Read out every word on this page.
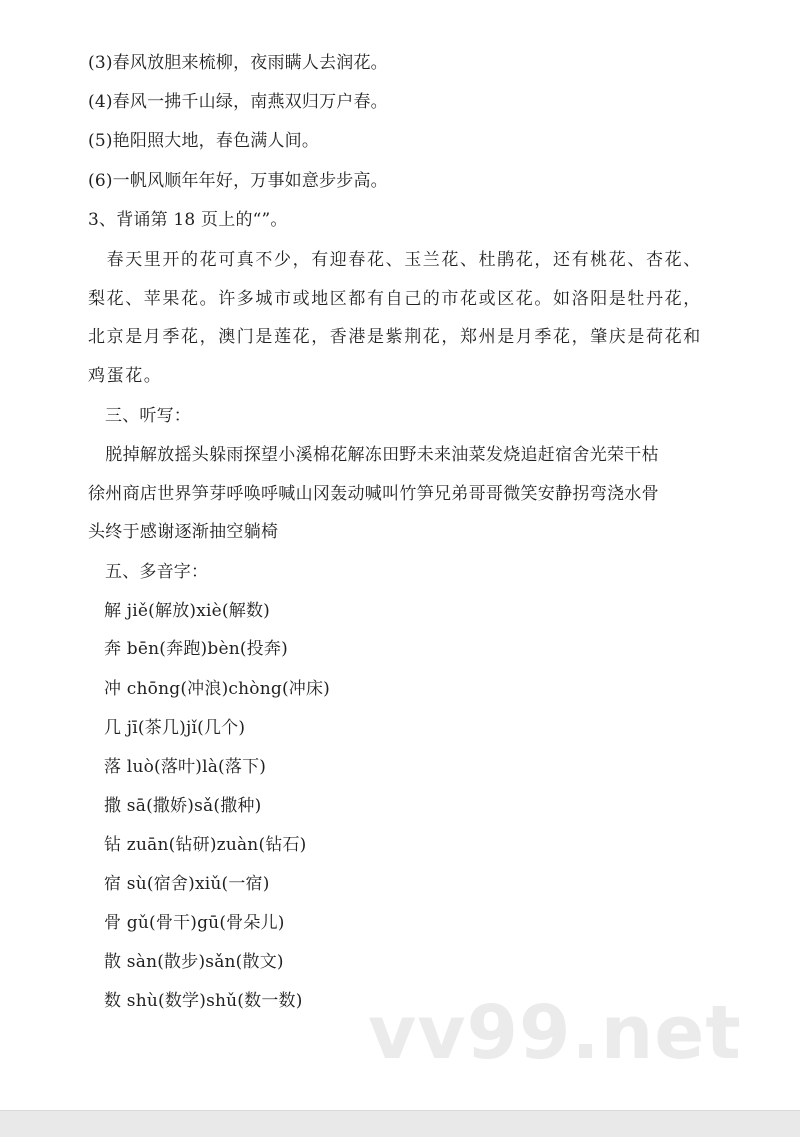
(3)春风放胆来梳柳，夜雨瞒人去润花。
(4)春风一拂千山绿，南燕双归万户春。
(5)艳阳照大地，春色满人间。
(6)一帆风顺年年好，万事如意步步高。
3、背诵第 18 页上的“”。
　春天里开的花可真不少，有迎春花、玉兰花、杜鹃花，还有桃花、杏花、
梨花、苹果花。许多城市或地区都有自己的市花或区花。如洛阳是牡丹花，
北京是月季花，澳门是莲花，香港是紫荆花，郑州是月季花，肇庆是荷花和
鸡蛋花。
三、听写：
　脱掉解放摇头躲雨探望小溪棉花解冻田野未来油菜发烧追赶宿舍光荣干枯
徐州商店世界笋芽呼唤呼喊山冈轰动喊叫竹笋兄弟哥哥微笑安静拐弯浇水骨
头终于感谢逐渐抽空躺椅
五、多音字：
解 jiě(解放)xiè(解数)
奔 bēn(奔跑)bèn(投奔)
冲 chōng(冲浪)chòng(冲床)
几 jī(茶几)jǐ(几个)
落 luò(落叶)là(落下)
撒 sā(撒娇)sǎ(撒种)
钻 zuān(钻研)zuàn(钻石)
宿 sù(宿舍)xiǔ(一宿)
骨 gǔ(骨干)gū(骨朵儿)
散 sàn(散步)sǎn(散文)
数 shù(数学)shǔ(数一数) vv99.net
